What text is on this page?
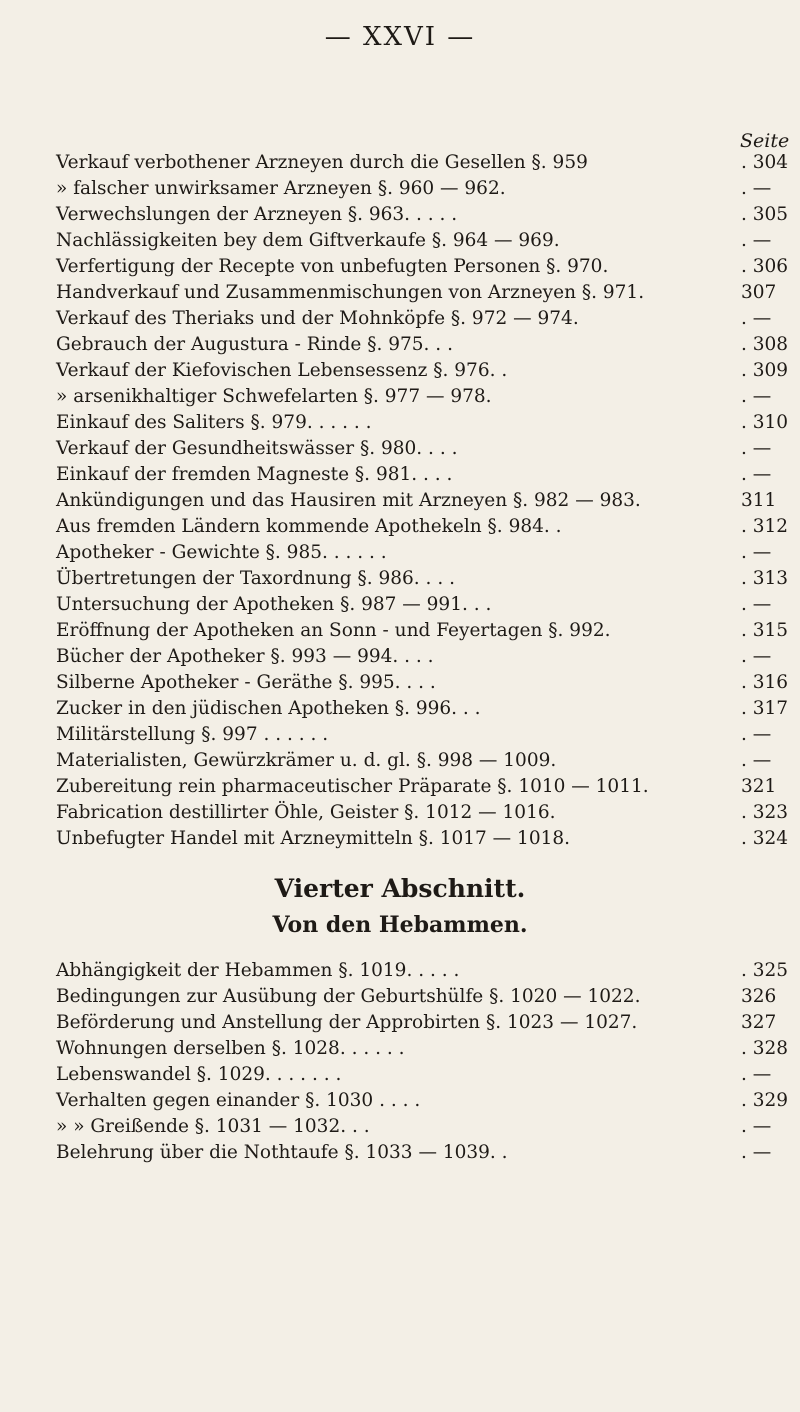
— XXVI —
Seite
Verkauf verbothener Arzneyen durch die Gesellen §. 959	. 304
» falscher unwirksamer Arzneyen §. 960 — 962.	. —
Verwechslungen der Arzneyen §. 963. . . . .	. 305
Nachlässigkeiten bey dem Giftverkaufe §. 964 — 969.	. —
Verfertigung der Recepte von unbefugten Personen §. 970.	. 306
Handverkauf und Zusammenmischungen von Arzneyen §. 971.	307
Verkauf des Theriaks und der Mohnköpfe §. 972 — 974.	. —
Gebrauch der Augustura - Rinde §. 975. . .	. 308
Verkauf der Kiefovischen Lebensessenz §. 976. .	. 309
» arsenikhaltiger Schwefelarten §. 977 — 978.	. —
Einkauf des Saliters §. 979. . . . . .	. 310
Verkauf der Gesundheitswässer §. 980. . . .	. —
Einkauf der fremden Magneste §. 981. . . .	. —
Ankündigungen und das Hausiren mit Arzneyen §. 982 — 983.	311
Aus fremden Ländern kommende Apothekeln §. 984. .	. 312
Apotheker - Gewichte §. 985. . . . . .	. —
Übertretungen der Taxordnung §. 986. . . .	. 313
Untersuchung der Apotheken §. 987 — 991. . .	. —
Eröffnung der Apotheken an Sonn - und Feyertagen §. 992.	. 315
Bücher der Apotheker §. 993 — 994. . . .	. —
Silberne Apotheker - Geräthe §. 995. . . .	. 316
Zucker in den jüdischen Apotheken §. 996. . .	. 317
Militärstellung §. 997 . . . . . .	. —
Materialisten, Gewürzkrämer u. d. gl. §. 998 — 1009.	. —
Zubereitung rein pharmaceutischer Präparate §. 1010 — 1011.	321
Fabrication destillirter Öhle, Geister §. 1012 — 1016.	. 323
Unbefugter Handel mit Arzneymitteln §. 1017 — 1018.	. 324
Vierter Abschnitt.
Von den Hebammen.
Abhängigkeit der Hebammen §. 1019. . . . .	. 325
Bedingungen zur Ausübung der Geburtshülfe §. 1020 — 1022.	326
Beförderung und Anstellung der Approbirten §. 1023 — 1027.	327
Wohnungen derselben §. 1028. . . . . .	. 328
Lebenswandel §. 1029. . . . . . .	. —
Verhalten gegen einander §. 1030 . . . .	. 329
» » Greißende §. 1031 — 1032. . .	. —
Belehrung über die Nothtaufe §. 1033 — 1039. .	. —
